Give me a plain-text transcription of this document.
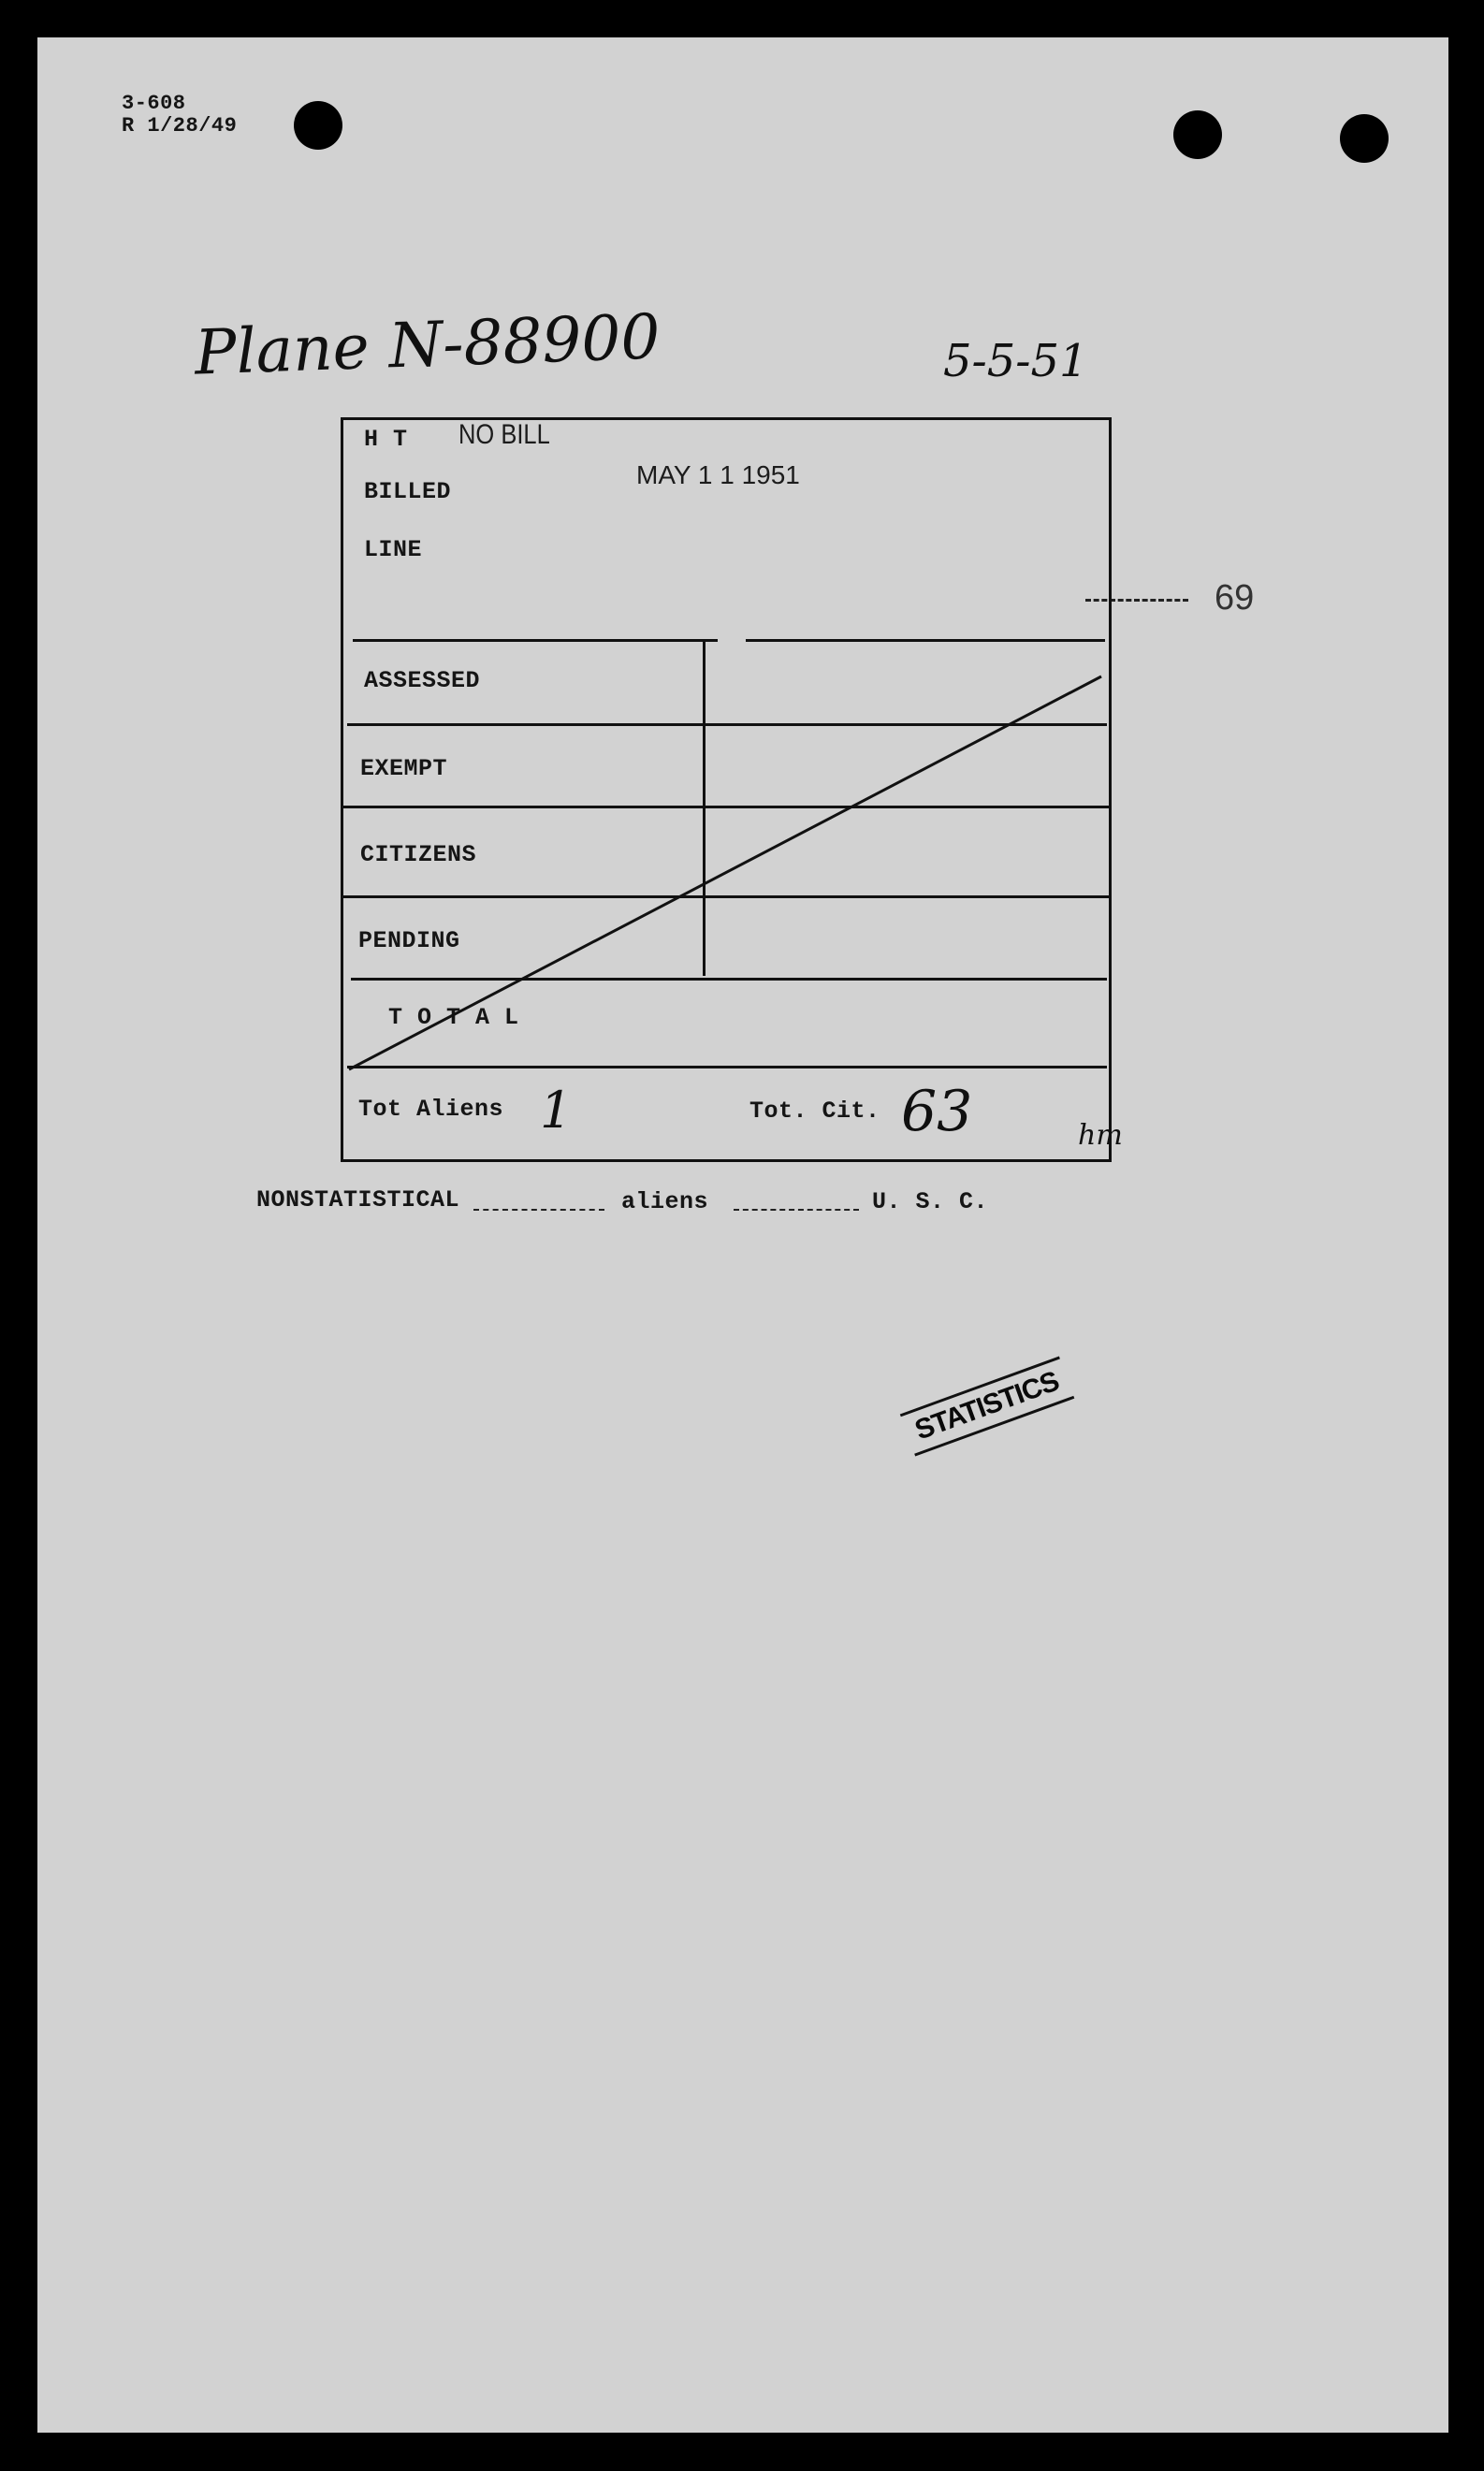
3-608
R 1/28/49
Plane N-88900	5-5-51
NO BILL
MAY 1 1 1951
69
H T
BILLED
LINE
ASSESSED
EXEMPT
CITIZENS
PENDING
T O T A L
Tot Aliens 1	Tot. Cit. 63	hm
NONSTATISTICAL	aliens	U. S. C.
STATISTICS
